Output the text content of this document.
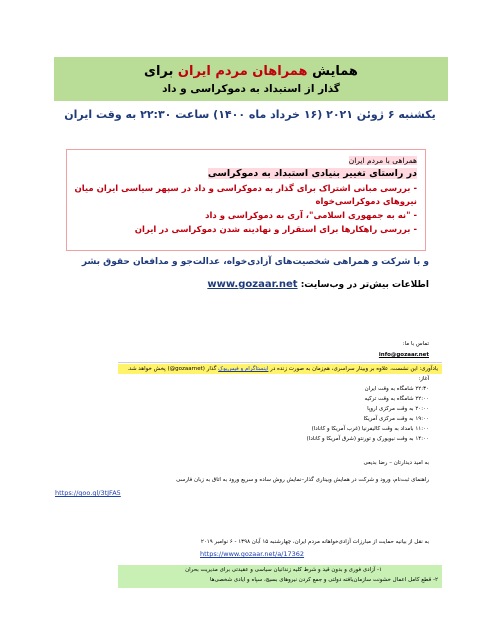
همایش همراهان مردم ایران برای
گذار از استبداد به دموکراسی و داد
یکشنبه ۶ ژوئن ۲۰۲۱ (۱۶ خرداد ماه ۱۴۰۰) ساعت ۲۲:۳۰ به وقت ایران
همراهی با مردم ایران
در راستای تغییر بنیادی استبداد به دموکراسی
- بررسی مبانی اشتراک برای گذار به دموکراسی و داد در سپهر سیاسی ایران میان
نیروهای دموکراسی‌خواه
- "نه به جمهوری اسلامی"، آری به دموکراسی و داد
- بررسی راهکارها برای استقرار و نهادینه شدن دموکراسی در ایران
و با شرکت و همراهی شخصیت‌های آزادی‌خواه، عدالت‌جو و مدافعان حقوق بشر
اطلاعات بیش‌تر در وب‌سایت: www.gozaar.net
تماس با ما:
info@gozaar.net
یادآوری: این نشست، علاوه بر وبینار سراسری، هم‌زمان به صورت زنده در اینستاگرام و فیس‌بوک گذار (gozaarnet@) پخش خواهد شد.
آغاز:
۲۲:۳۰ شامگاه به وقت ایران
۲۲:۰۰ شامگاه به وقت ترکیه
۲۰:۰۰ به وقت مرکزی اروپا
۱۹:۰۰ به وقت مرکزی آمریکا
۱۱:۰۰ بامداد به وقت کالیفرنیا (غرب آمریکا و کانادا)
۱۴:۰۰ به وقت نیویورک و تورنتو (شرق آمریکا و کانادا)
به امید دیدارتان – رضا بدیعی
راهنمای ثبت‌نام، ورود و شرکت در همایش وبیناری گذار–نمایش روش ساده و سریع ورود به اتاق به زبان فارسی
https://goo.gl/3tJFA5
به نقل از بیانیه حمایت از مبارزات آزادی‌خواهانه مردم ایران، چهارشنبه ۱۵ آبان ۱۳۹۸ - ۶ نوامبر ۲۰۱۹
https://www.gozaar.net/a/17362
۱- آزادی فوری و بدون قید و شرط کلیه زندانیان سیاسی و عقیدتی برای مدیریت بحران
۲- قطع کامل اعمال خشونت سازمان‌یافته دولتی و جمع کردن نیروهای بسیج، سپاه و ایادی شخصی‌ها
